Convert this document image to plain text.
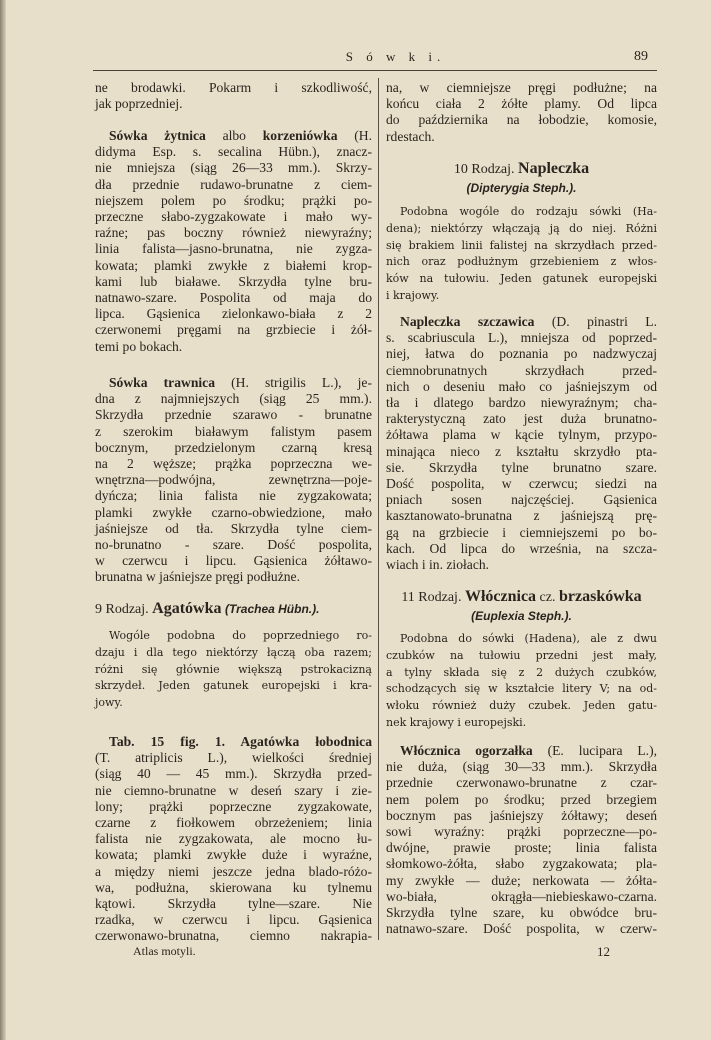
S ó w k i.	89
ne brodawki. Pokarm i szkodliwość,
jak poprzedniej.
Sówka żytnica albo korzeniówka (H.
didyma Esp. s. secalina Hübn.), znacz-
nie mniejsza (siąg 26—33 mm.). Skrzy-
dła przednie rudawo-brunatne z ciem-
niejszem polem po środku; prążki po-
przeczne słabo-zygzakowate i mało wy-
raźne; pas boczny również niewyraźny;
linia falista—jasno-brunatna, nie zygza-
kowata; plamki zwykłe z białemi krop-
kami lub białawe. Skrzydła tylne bru-
natnawo-szare. Pospolita od maja do
lipca. Gąsienica zielonkawo-biała z 2
czerwonemi pręgami na grzbiecie i żół-
temi po bokach.
Sówka trawnica (H. strigilis L.), je-
dna z najmniejszych (siąg 25 mm.).
Skrzydła przednie szarawo - brunatne
z szerokim białawym falistym pasem
bocznym, przedzielonym czarną kresą
na 2 węższe; prążka poprzeczna we-
wnętrzna—podwójna, zewnętrzna—poje-
dyńcza; linia falista nie zygzakowata;
plamki zwykłe czarno-obwiedzione, mało
jaśniejsze od tła. Skrzydła tylne ciem-
no-brunatno - szare. Dość pospolita,
w czerwcu i lipcu. Gąsienica żółtawo-
brunatna w jaśniejsze pręgi podłużne.
9 Rodzaj. Agatówka (Trachea Hübn.).
Wogóle podobna do poprzedniego ro-
dzaju i dla tego niektórzy łączą oba razem;
różni się głównie większą pstrokacizną
skrzydeł. Jeden gatunek europejski i kra-
jowy.
Tab. 15 fig. 1. Agatówka łobodnica
(T. atriplicis L.), wielkości średniej
(siąg 40 — 45 mm.). Skrzydła przed-
nie ciemno-brunatne w deseń szary i zie-
lony; prążki poprzeczne zygzakowate,
czarne z fiołkowem obrzeżeniem; linia
falista nie zygzakowata, ale mocno łu-
kowata; plamki zwykłe duże i wyraźne,
a między niemi jeszcze jedna blado-różo-
wa, podłużna, skierowana ku tylnemu
kątowi. Skrzydła tylne—szare. Nie
rzadka, w czerwcu i lipcu. Gąsienica
czerwonawo-brunatna, ciemno nakrapia-
na, w ciemniejsze pręgi podłużne; na
końcu ciała 2 żółte plamy. Od lipca
do października na łobodzie, komosie,
rdestach.
10 Rodzaj. Napleczka
(Dipterygia Steph.).
Podobna wogóle do rodzaju sówki (Ha-
dena); niektórzy włączają ją do niej. Różni
się brakiem linii falistej na skrzydłach przed-
nich oraz podłużnym grzebieniem z włos-
ków na tułowiu. Jeden gatunek europejski
i krajowy.
Napleczka szczawica (D. pinastri L.
s. scabriuscula L.), mniejsza od poprzed-
niej, łatwa do poznania po nadzwyczaj
ciemnobrunatnych skrzydłach przed-
nich o deseniu mało co jaśniejszym od
tła i dlatego bardzo niewyraźnym; cha-
rakterystyczną zato jest duża brunatno-
żółtawa plama w kącie tylnym, przypo-
minająca nieco z kształtu skrzydło pta-
sie. Skrzydła tylne brunatno szare.
Dość pospolita, w czerwcu; siedzi na
pniach sosen najczęściej. Gąsienica
kasztanowato-brunatna z jaśniejszą prę-
gą na grzbiecie i ciemniejszemi po bo-
kach. Od lipca do września, na szcza-
wiach i in. ziołach.
11 Rodzaj. Włócznica cz. brzaskówka
(Euplexia Steph.).
Podobna do sówki (Hadena), ale z dwu
czubków na tułowiu przedni jest mały,
a tylny składa się z 2 dużych czubków,
schodzących się w kształcie litery V; na od-
włoku również duży czubek. Jeden gatu-
nek krajowy i europejski.
Włócznica ogorzałka (E. lucipara L.),
nie duża, (siąg 30—33 mm.). Skrzydła
przednie czerwonawo-brunatne z czar-
nem polem po środku; przed brzegiem
bocznym pas jaśniejszy żółtawy; deseń
sowi wyraźny: prążki poprzeczne—po-
dwójne, prawie proste; linia falista
słomkowo-żółta, słabo zygzakowata; pla-
my zwykłe — duże; nerkowata — żółta-
wo-biała, okrągła—niebieskawo-czarna.
Skrzydła tylne szare, ku obwódce bru-
natnawo-szare. Dość pospolita, w czerw-
Atlas motyli.	12
